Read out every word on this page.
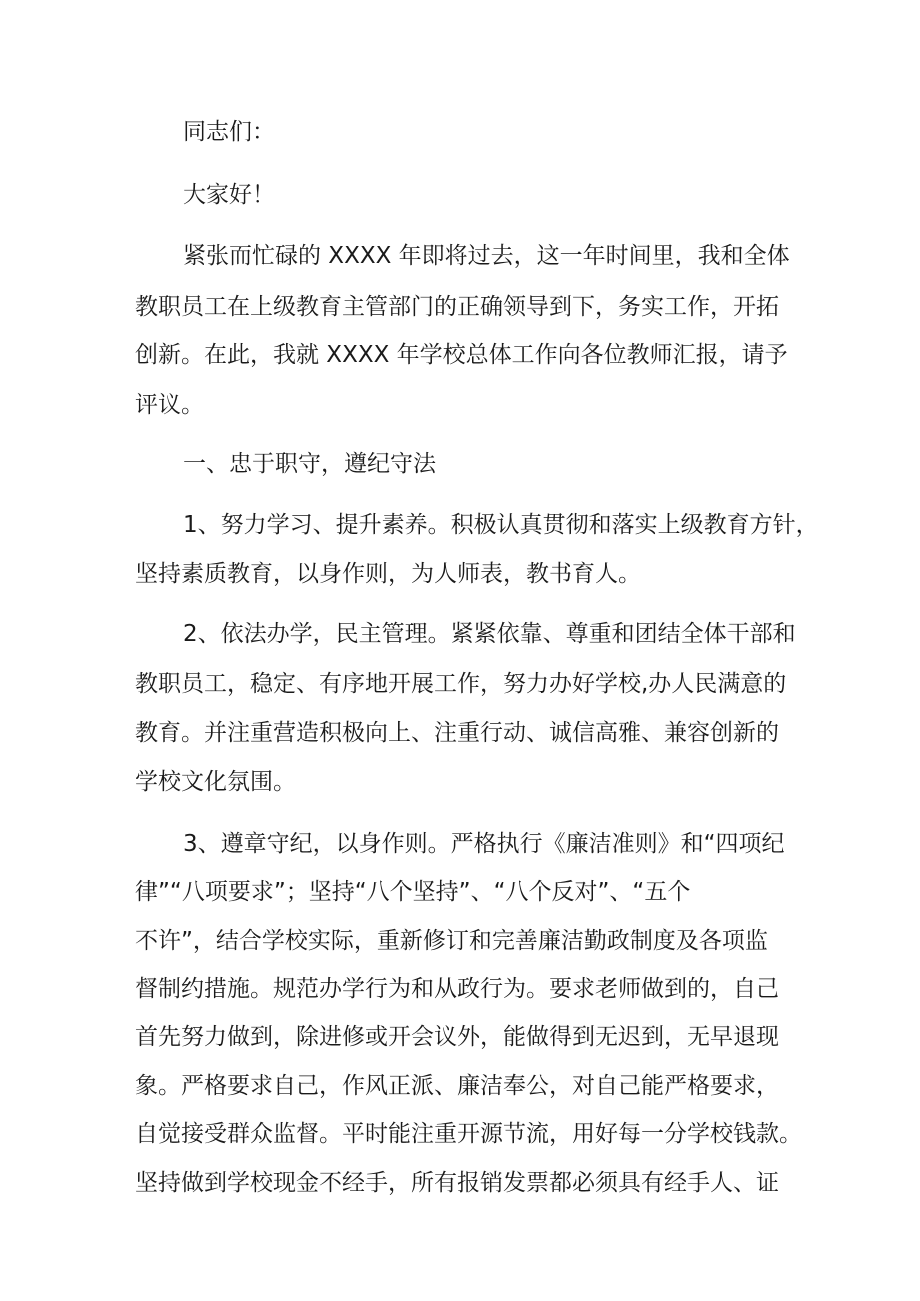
同志们：
大家好！
紧张而忙碌的 XXXX 年即将过去，这一年时间里，我和全体
教职员工在上级教育主管部门的正确领导到下，务实工作，开拓
创新。在此，我就 XXXX 年学校总体工作向各位教师汇报，请予
评议。
一、忠于职守，遵纪守法
1、努力学习、提升素养。积极认真贯彻和落实上级教育方针，
坚持素质教育，以身作则，为人师表，教书育人。
2、依法办学，民主管理。紧紧依靠、尊重和团结全体干部和
教职员工，稳定、有序地开展工作，努力办好学校,办人民满意的
教育。并注重营造积极向上、注重行动、诚信高雅、兼容创新的
学校文化氛围。
3、遵章守纪，以身作则。严格执行《廉洁准则》和“四项纪
律”“八项要求”；坚持“八个坚持”、“八个反对”、“五个
不许”，结合学校实际，重新修订和完善廉洁勤政制度及各项监
督制约措施。规范办学行为和从政行为。要求老师做到的，自己
首先努力做到，除进修或开会议外，能做得到无迟到，无早退现
象。严格要求自己，作风正派、廉洁奉公，对自己能严格要求，
自觉接受群众监督。平时能注重开源节流，用好每一分学校钱款。
坚持做到学校现金不经手，所有报销发票都必须具有经手人、证
